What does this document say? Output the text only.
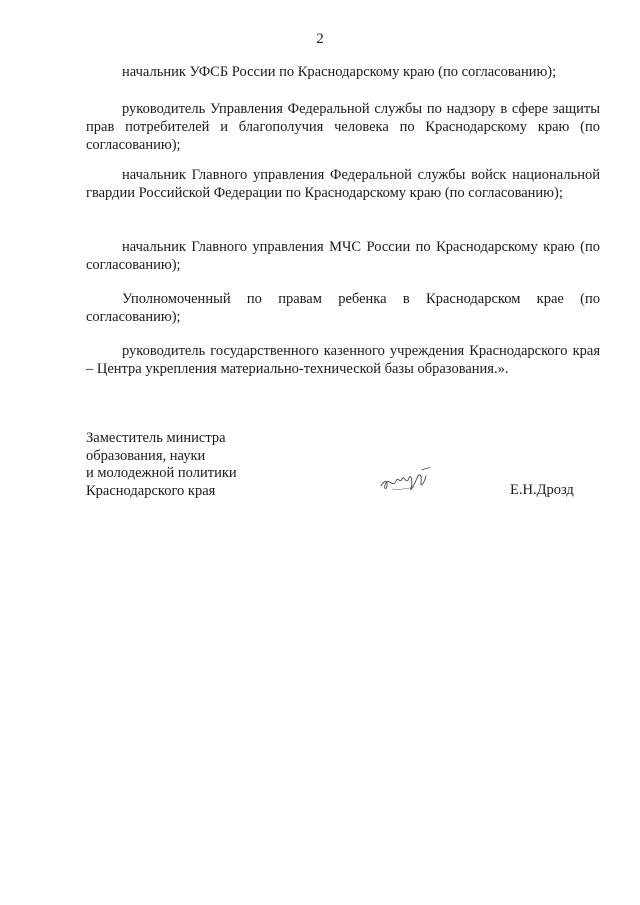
2

начальник УФСБ России по Краснодарскому краю (по согласованию);

руководитель Управления Федеральной службы по надзору в сфере защиты прав потребителей и благополучия человека по Краснодарскому краю (по согласованию);

начальник Главного управления Федеральной службы войск национальной гвардии Российской Федерации по Краснодарскому краю (по согласованию);

начальник Главного управления МЧС России по Краснодарскому краю (по согласованию);

Уполномоченный по правам ребенка в Краснодарском крае (по согласованию);

руководитель государственного казенного учреждения Краснодарского края – Центра укрепления материально-технической базы образования.».

Заместитель министра
образования, науки
и молодежной политики
Краснодарского края	Е.Н.Дрозд
